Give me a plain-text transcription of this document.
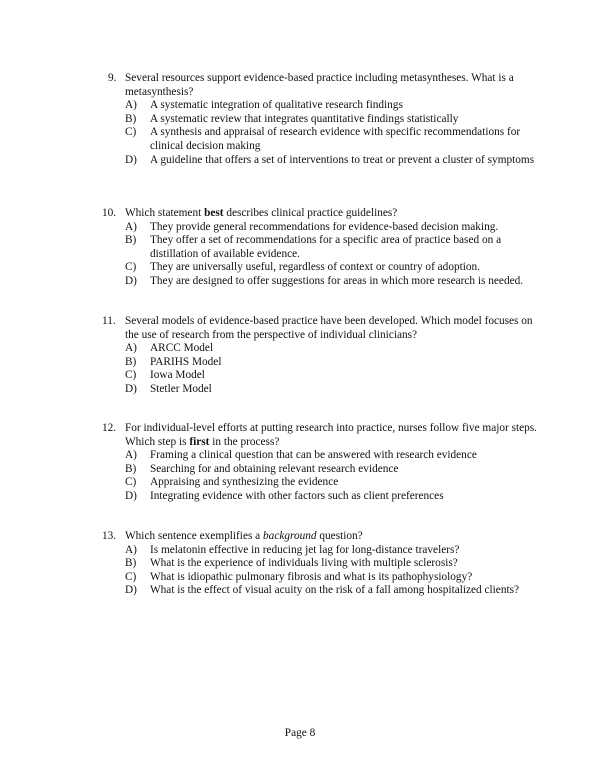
9. Several resources support evidence-based practice including metasyntheses. What is a metasynthesis?
A) A systematic integration of qualitative research findings
B) A systematic review that integrates quantitative findings statistically
C) A synthesis and appraisal of research evidence with specific recommendations for clinical decision making
D) A guideline that offers a set of interventions to treat or prevent a cluster of symptoms
10. Which statement best describes clinical practice guidelines?
A) They provide general recommendations for evidence-based decision making.
B) They offer a set of recommendations for a specific area of practice based on a distillation of available evidence.
C) They are universally useful, regardless of context or country of adoption.
D) They are designed to offer suggestions for areas in which more research is needed.
11. Several models of evidence-based practice have been developed. Which model focuses on the use of research from the perspective of individual clinicians?
A) ARCC Model
B) PARIHS Model
C) Iowa Model
D) Stetler Model
12. For individual-level efforts at putting research into practice, nurses follow five major steps. Which step is first in the process?
A) Framing a clinical question that can be answered with research evidence
B) Searching for and obtaining relevant research evidence
C) Appraising and synthesizing the evidence
D) Integrating evidence with other factors such as client preferences
13. Which sentence exemplifies a background question?
A) Is melatonin effective in reducing jet lag for long-distance travelers?
B) What is the experience of individuals living with multiple sclerosis?
C) What is idiopathic pulmonary fibrosis and what is its pathophysiology?
D) What is the effect of visual acuity on the risk of a fall among hospitalized clients?
Page 8
